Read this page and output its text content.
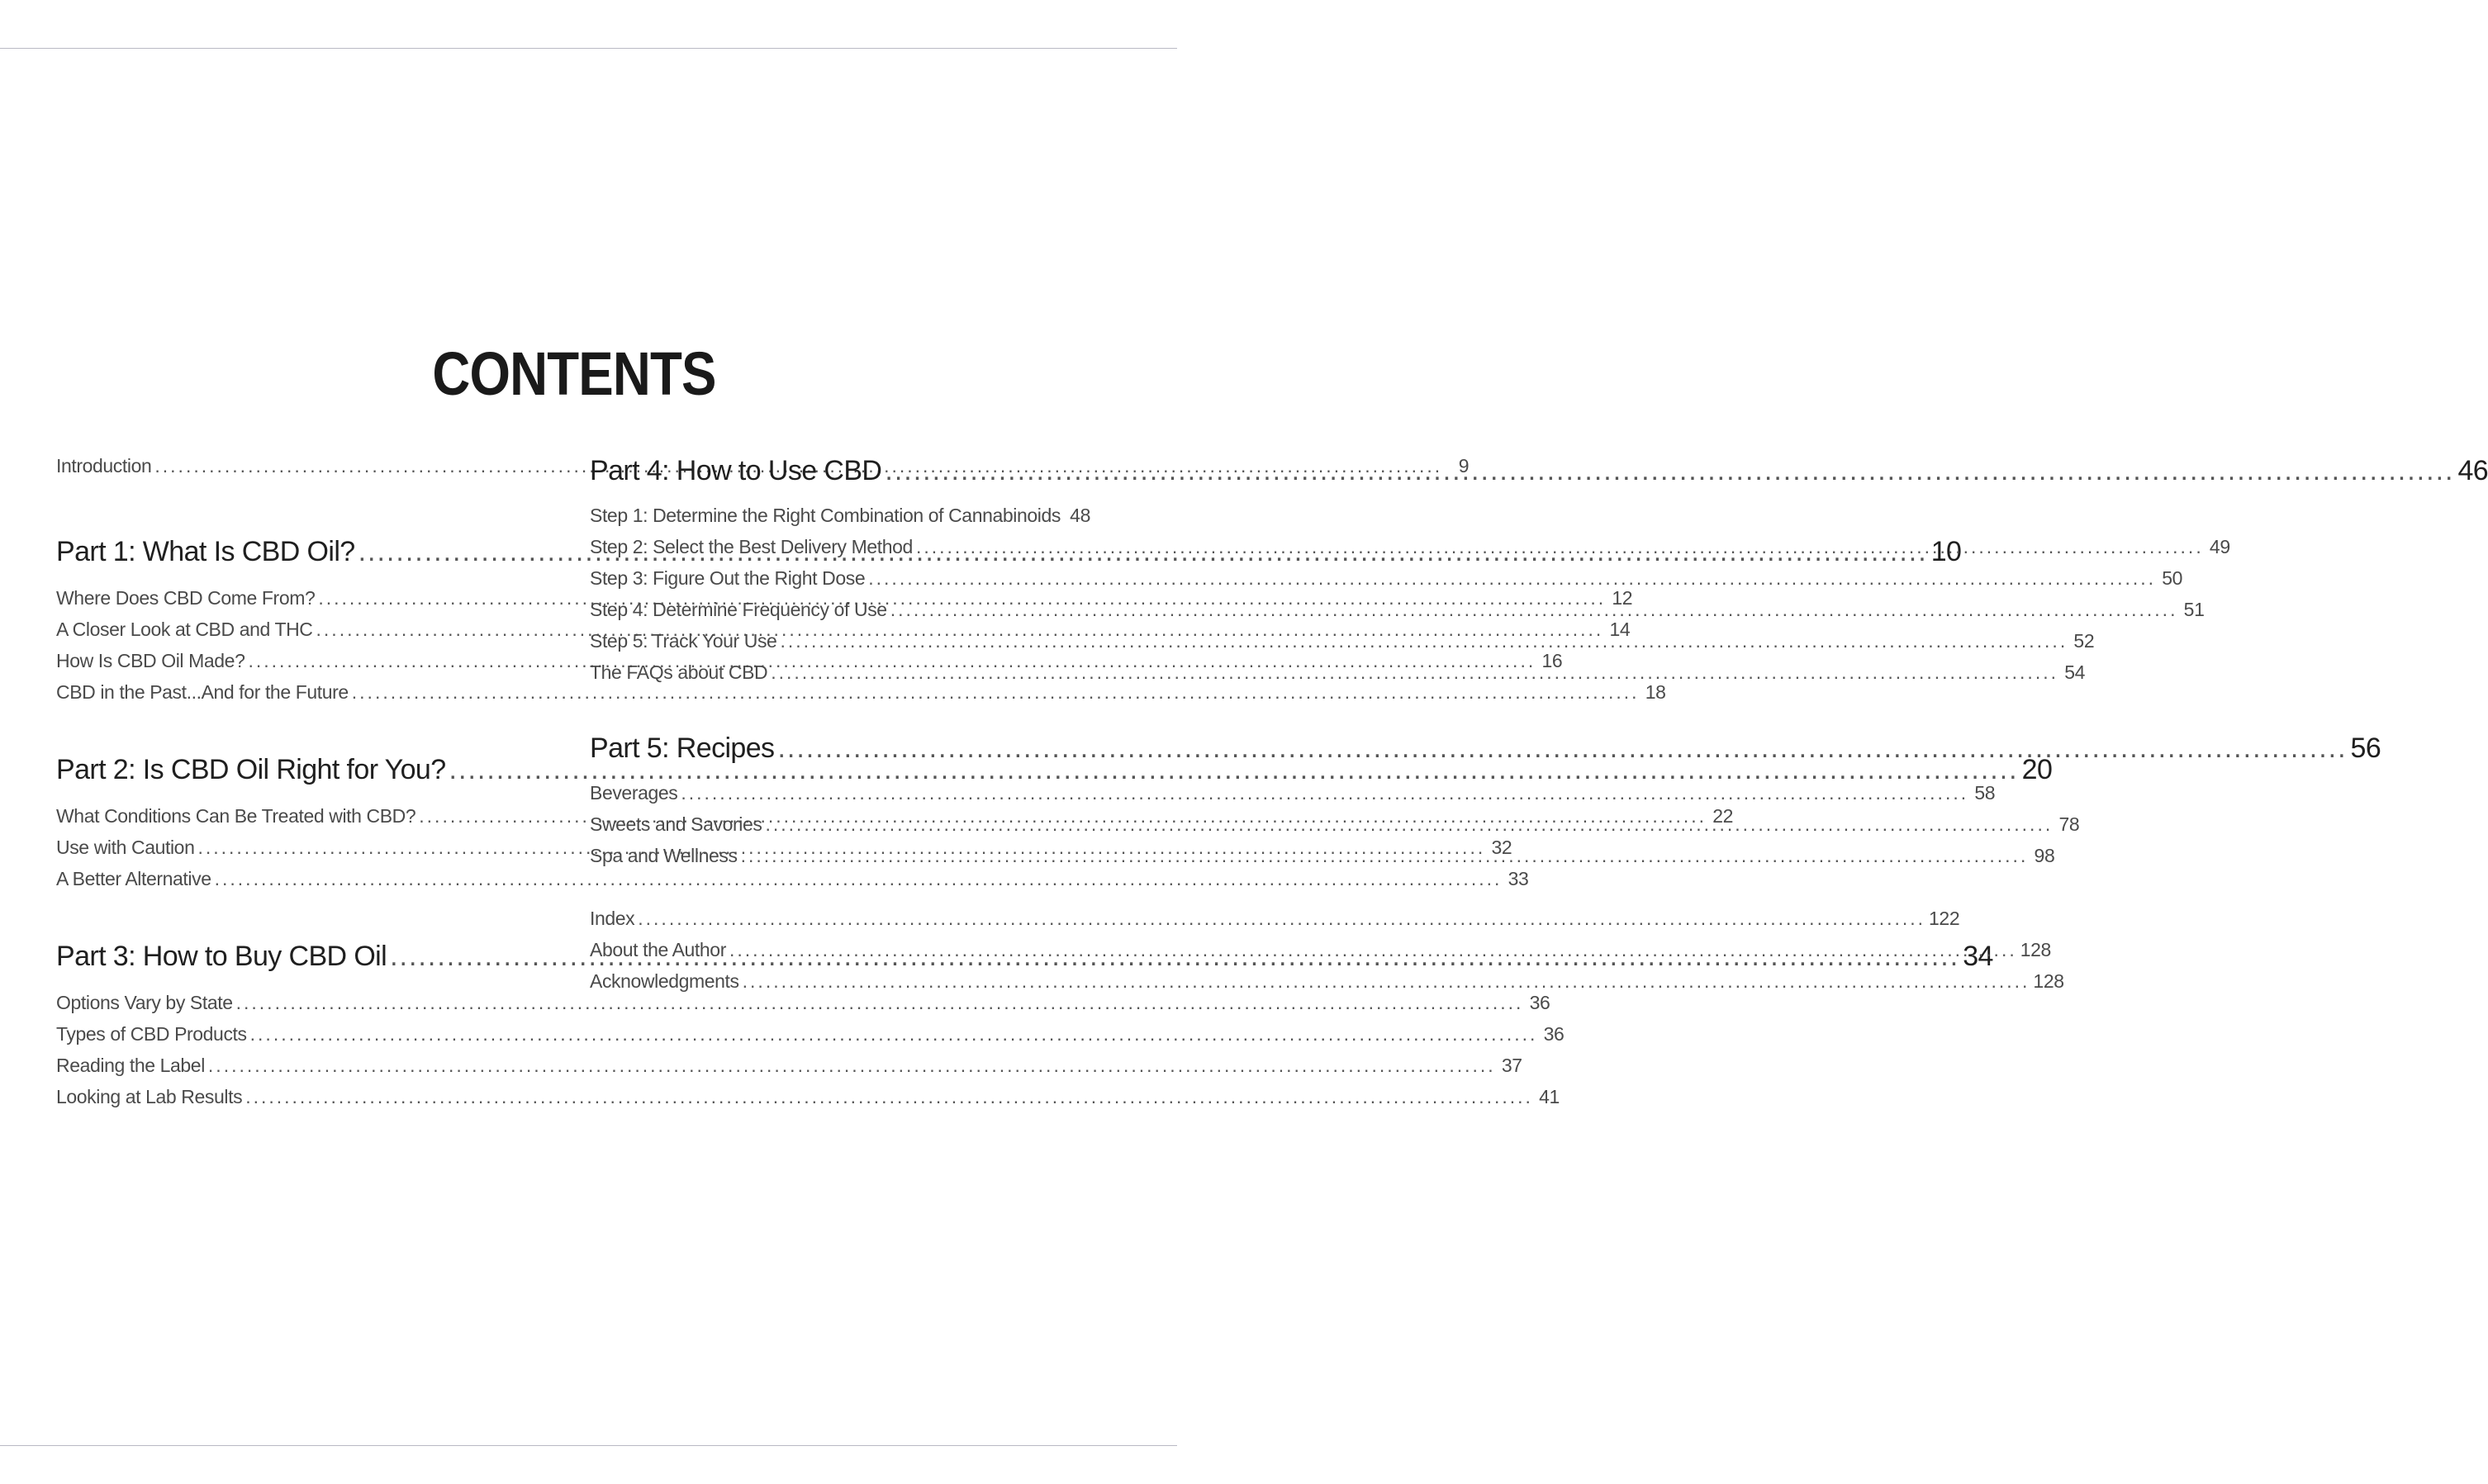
CONTENTS
Introduction .....	9
Part 1: What Is CBD Oil? .....	10
Where Does CBD Come From? .....	12
A Closer Look at CBD and THC .....	14
How Is CBD Oil Made? .....	16
CBD in the Past...And for the Future .....	18
Part 2: Is CBD Oil Right for You? .....	20
What Conditions Can Be Treated with CBD? .....	22
Use with Caution .....	32
A Better Alternative .....	33
Part 3: How to Buy CBD Oil .....	34
Options Vary by State .....	36
Types of CBD Products .....	36
Reading the Label .....	37
Looking at Lab Results .....	41
Part 4: How to Use CBD .....	46
Step 1: Determine the Right Combination of Cannabinoids 48
Step 2: Select the Best Delivery Method .....	49
Step 3: Figure Out the Right Dose .....	50
Step 4: Determine Frequency of Use .....	51
Step 5: Track Your Use .....	52
The FAQs about CBD .....	54
Part 5: Recipes .....	56
Beverages .....	58
Sweets and Savories .....	78
Spa and Wellness .....	98
Index .....	122
About the Author .....	128
Acknowledgments .....	128
